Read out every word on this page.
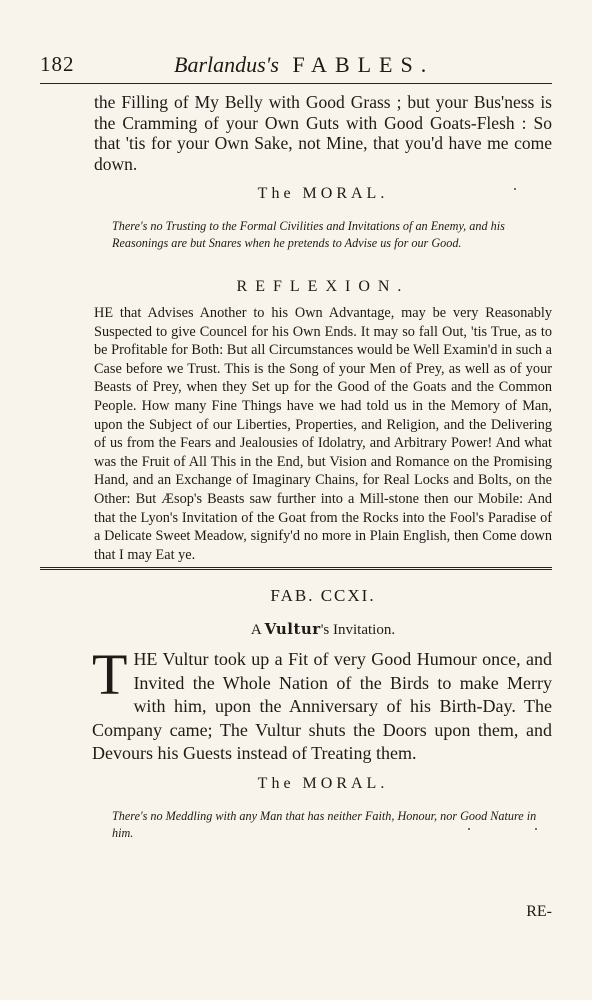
182	Barlandus's FABLES.
the Filling of My Belly with Good Grass ; but your Bus'ness is the Cramming of your Own Guts with Good Goats-Flesh : So that 'tis for your Own Sake, not Mine, that you'd have me come down.
The MORAL.
There's no Trusting to the Formal Civilities and Invitations of an Enemy, and his Reasonings are but Snares when he pretends to Advise us for our Good.
REFLEXION.
HE that Advises Another to his Own Advantage, may be very Reasonably Suspected to give Councel for his Own Ends. It may so fall Out, 'tis True, as to be Profitable for Both: But all Circumstances would be Well Examin'd in such a Case before we Trust. This is the Song of your Men of Prey, as well as of your Beasts of Prey, when they Set up for the Good of the Goats and the Common People. How many Fine Things have we had told us in the Memory of Man, upon the Subject of our Liberties, Properties, and Religion, and the Delivering of us from the Fears and Jealousies of Idolatry, and Arbitrary Power! And what was the Fruit of All This in the End, but Vision and Romance on the Promising Hand, and an Exchange of Imaginary Chains, for Real Locks and Bolts, on the Other: But Æsop's Beasts saw further into a Mill-stone then our Mobile: And that the Lyon's Invitation of the Goat from the Rocks into the Fool's Paradise of a Delicate Sweet Meadow, signify'd no more in Plain English, then Come down that I may Eat ye.
FAB. CCXI.
A Vultur's Invitation.
T HE Vultur took up a Fit of very Good Humour once, and Invited the Whole Nation of the Birds to make Merry with him, upon the Anniversary of his Birth-Day. The Company came; The Vultur shuts the Doors upon them, and Devours his Guests instead of Treating them.
The MORAL.
There's no Meddling with any Man that has neither Faith, Honour, nor Good Nature in him.
RE-
